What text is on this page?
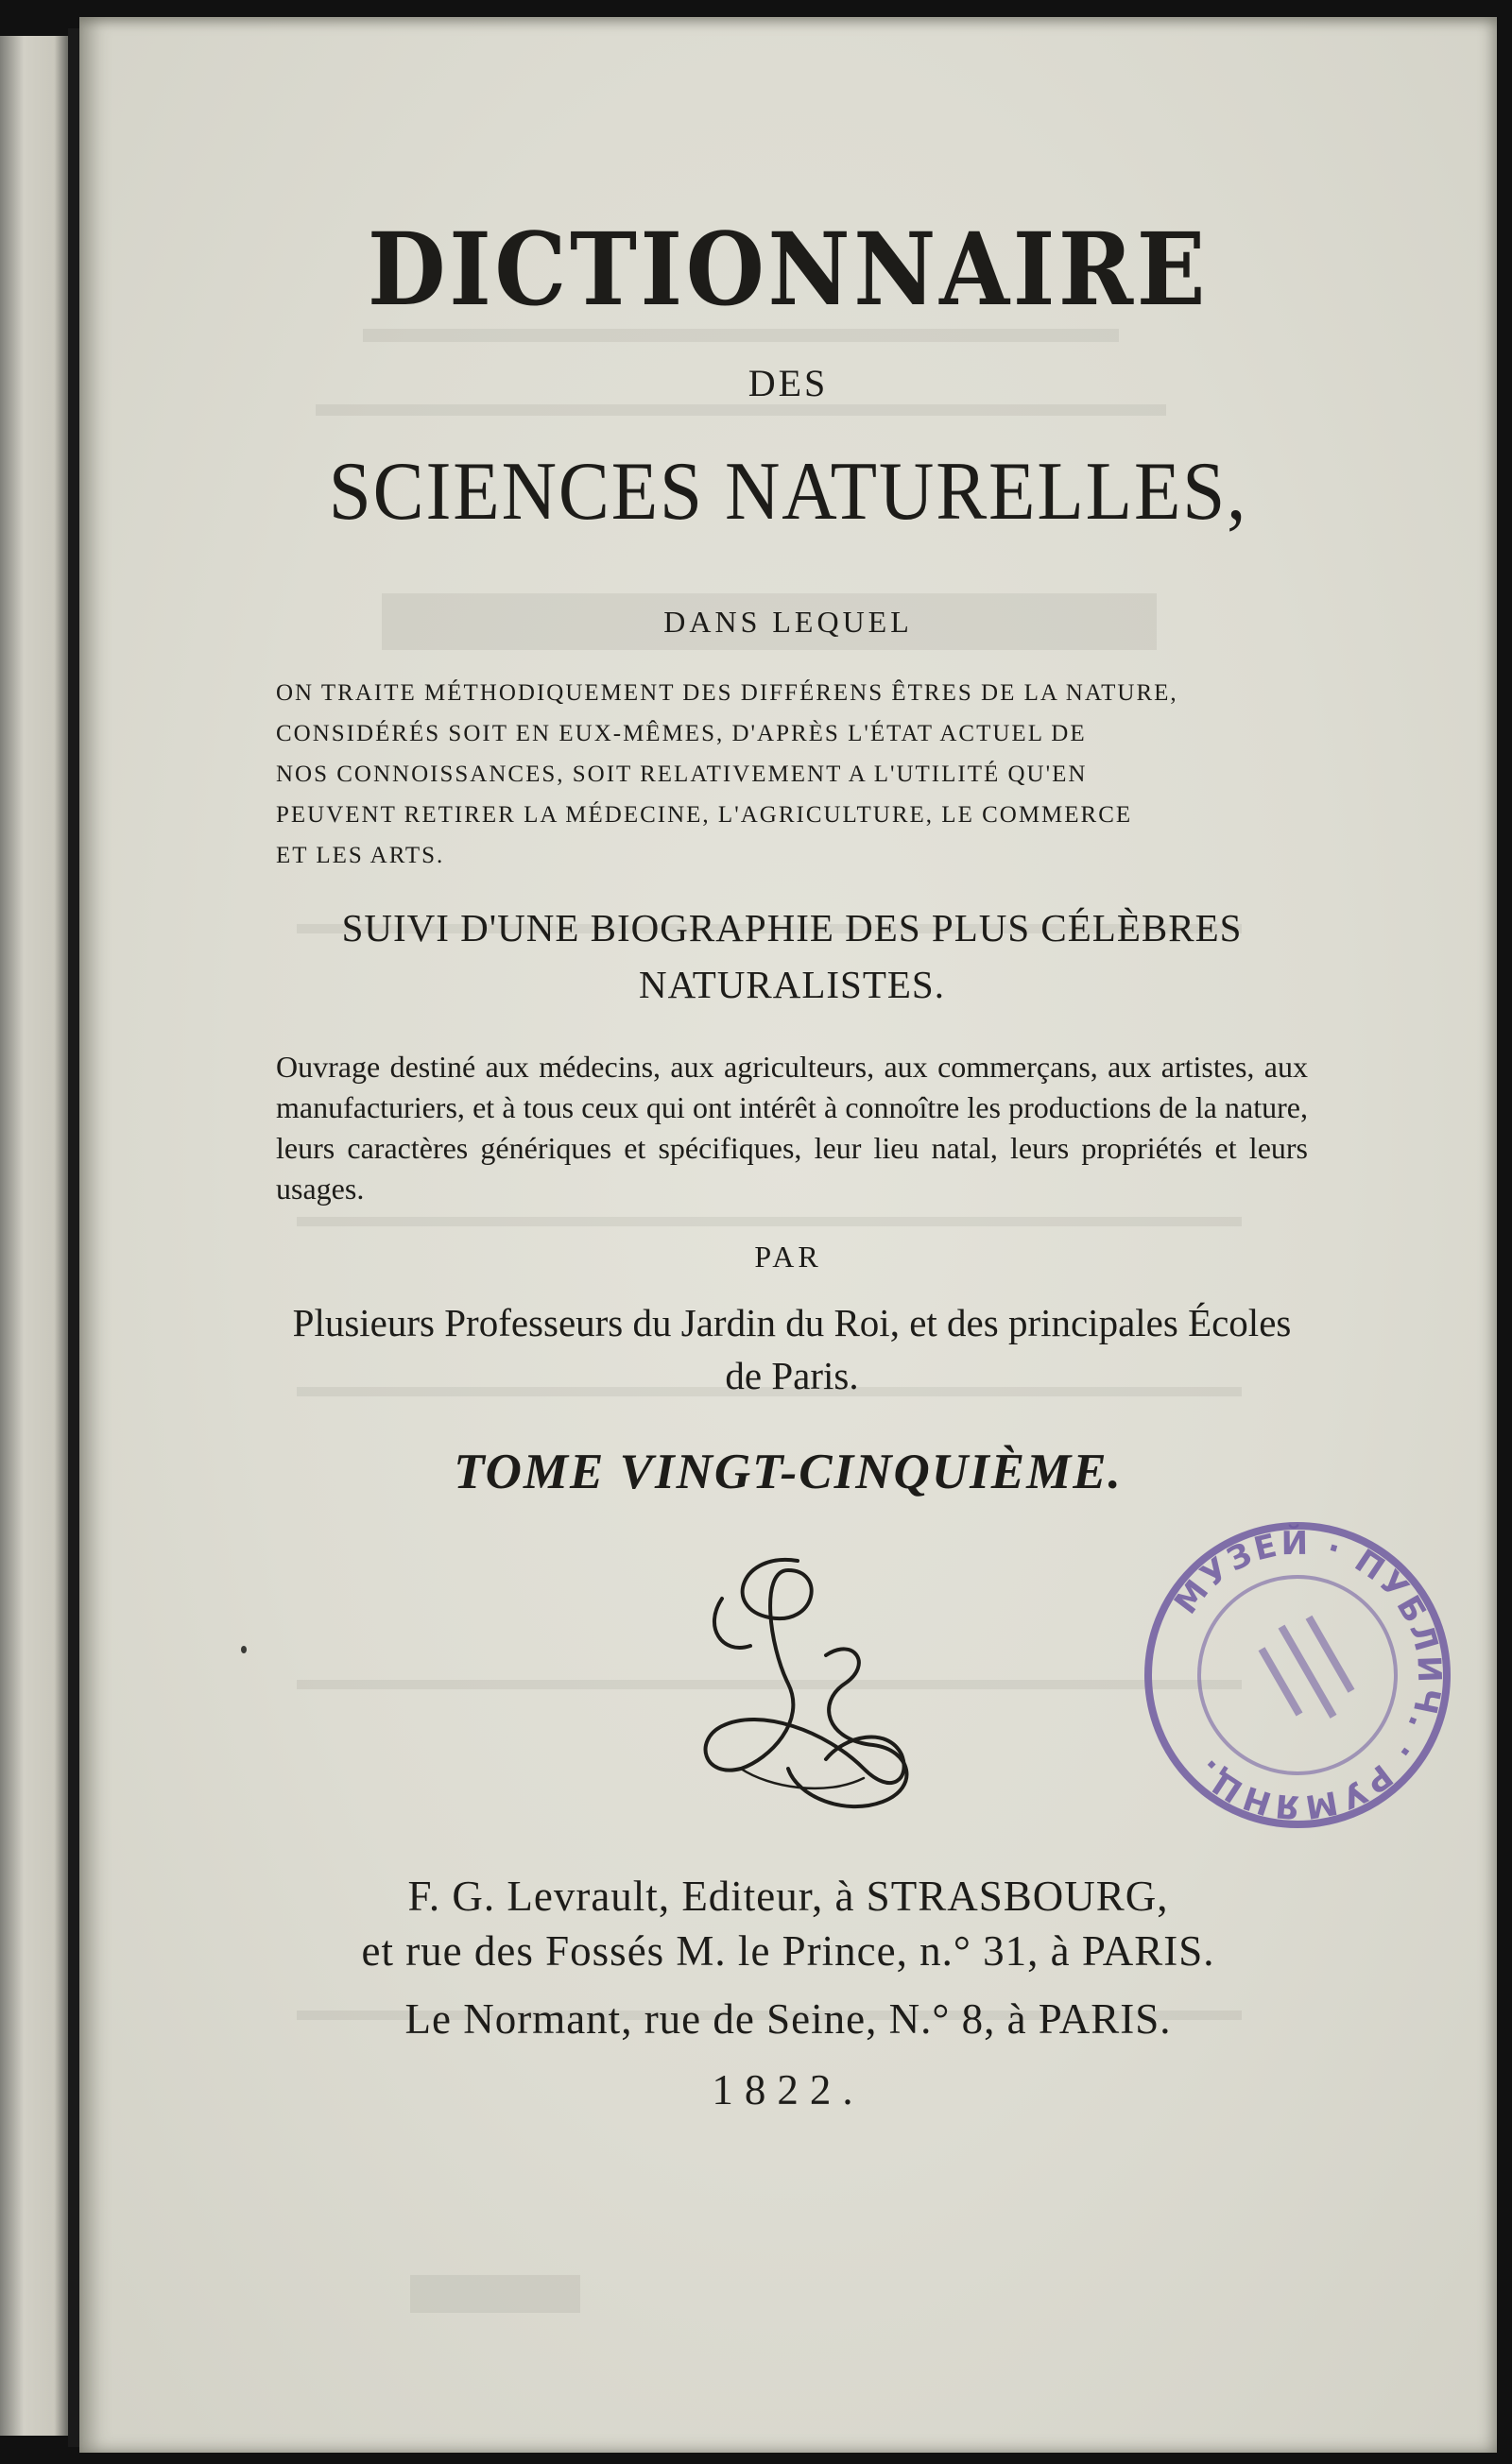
DICTIONNAIRE
DES
SCIENCES NATURELLES,
DANS LEQUEL
ON TRAITE MÉTHODIQUEMENT DES DIFFÉRENS ÊTRES DE LA NATURE,
CONSIDÉRÉS SOIT EN EUX-MÊMES, D'APRÈS L'ÉTAT ACTUEL DE
NOS CONNOISSANCES, SOIT RELATIVEMENT A L'UTILITÉ QU'EN
PEUVENT RETIRER LA MÉDECINE, L'AGRICULTURE, LE COMMERCE
ET LES ARTS.
SUIVI D'UNE BIOGRAPHIE DES PLUS CÉLÈBRES NATURALISTES.
Ouvrage destiné aux médecins, aux agriculteurs, aux commerçans, aux artistes, aux manufacturiers, et à tous ceux qui ont intérêt à connoître les productions de la nature, leurs caractères génériques et spécifiques, leur lieu natal, leurs propriétés et leurs usages.
PAR
Plusieurs Professeurs du Jardin du Roi, et des principales Écoles de Paris.
TOME VINGT-CINQUIÈME.
МУЗЕЙ · ПУБЛИЧ. · РУМЯНЦ.
F. G. Levrault, Editeur, à STRASBOURG,
et rue des Fossés M. le Prince, n.° 31, à PARIS.
Le Normant, rue de Seine, N.° 8, à PARIS.
1822.
